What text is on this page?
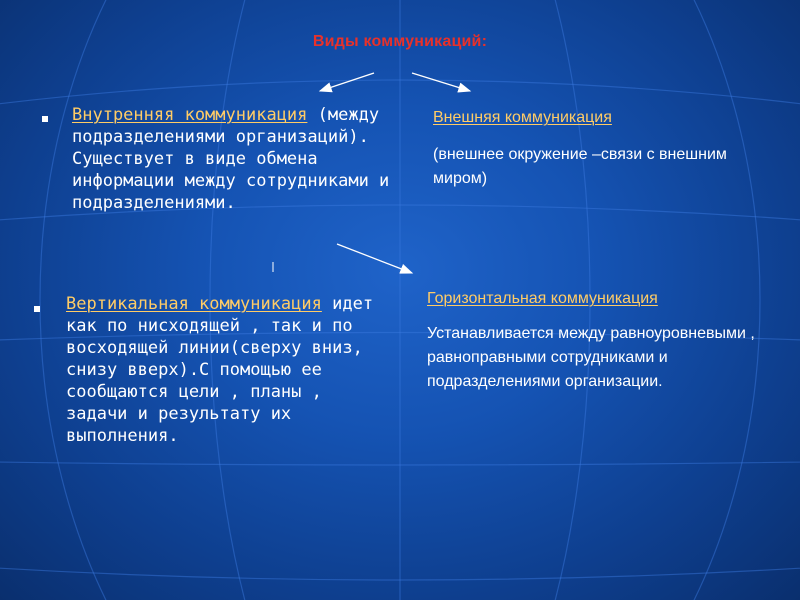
Виды коммуникаций:
Внутренняя коммуникация (между подразделениями организаций). Существует в виде обмена информации между сотрудниками и подразделениями.
Внешняя коммуникация
(внешнее окружение –связи с внешним миром)
Вертикальная коммуникация идет как по нисходящей , так и по восходящей линии(сверху вниз, снизу вверх).С помощью ее сообщаются цели , планы , задачи и результату их выполнения.
Горизонтальная коммуникация
Устанавливается между равноуровневыми , равноправными сотрудниками и подразделениями организации.
